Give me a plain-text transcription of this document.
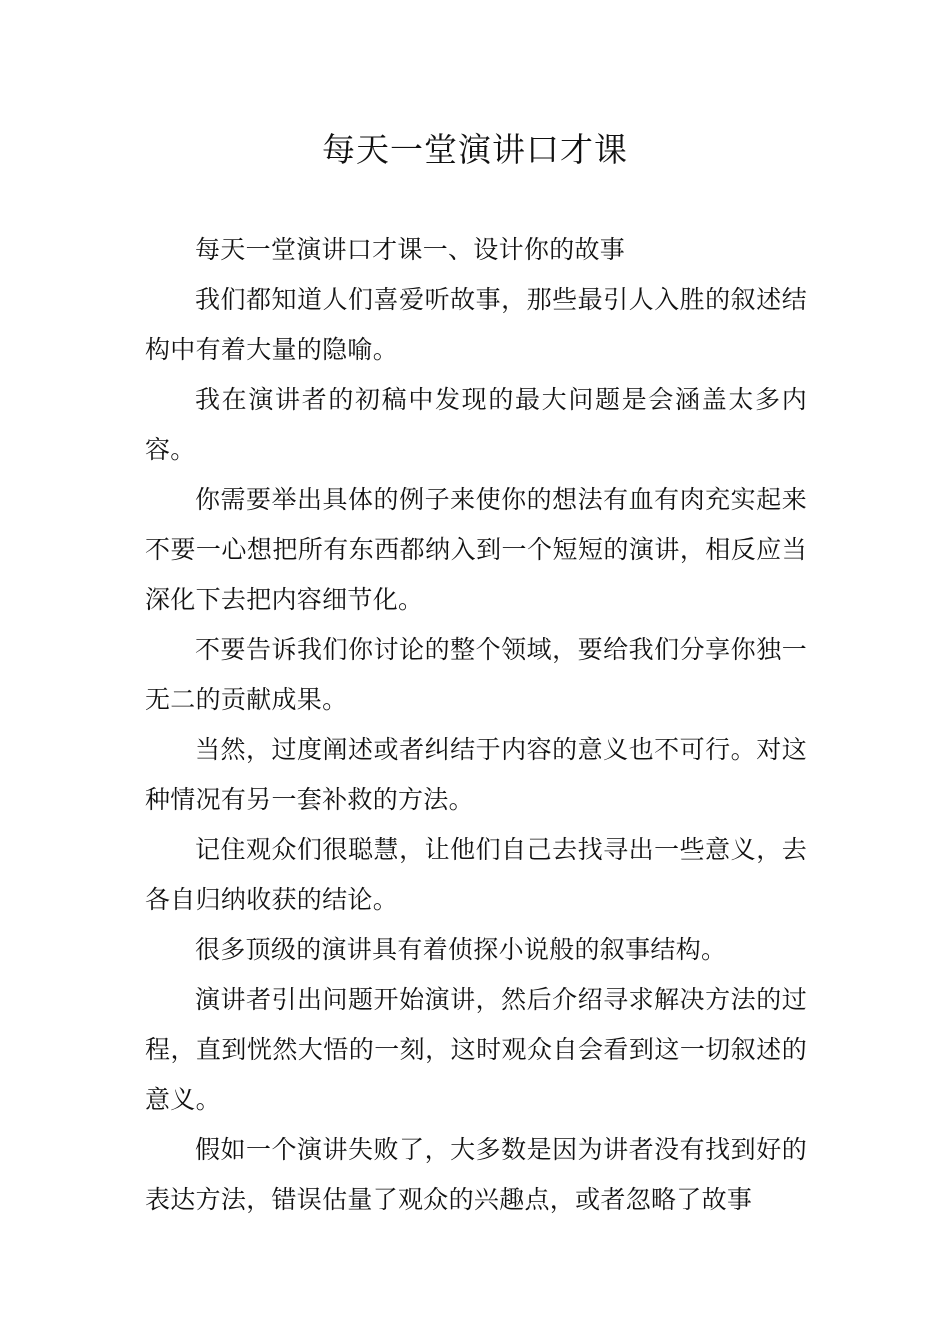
每天一堂演讲口才课

每天一堂演讲口才课一、设计你的故事

我们都知道人们喜爱听故事，那些最引人入胜的叙述结构中有着大量的隐喻。

我在演讲者的初稿中发现的最大问题是会涵盖太多内容。

你需要举出具体的例子来使你的想法有血有肉充实起来不要一心想把所有东西都纳入到一个短短的演讲，相反应当深化下去把内容细节化。

不要告诉我们你讨论的整个领域，要给我们分享你独一无二的贡献成果。

当然，过度阐述或者纠结于内容的意义也不可行。对这种情况有另一套补救的方法。

记住观众们很聪慧，让他们自己去找寻出一些意义，去各自归纳收获的结论。

很多顶级的演讲具有着侦探小说般的叙事结构。

演讲者引出问题开始演讲，然后介绍寻求解决方法的过程，直到恍然大悟的一刻，这时观众自会看到这一切叙述的意义。

假如一个演讲失败了，大多数是因为讲者没有找到好的表达方法，错误估量了观众的兴趣点，或者忽略了故事
